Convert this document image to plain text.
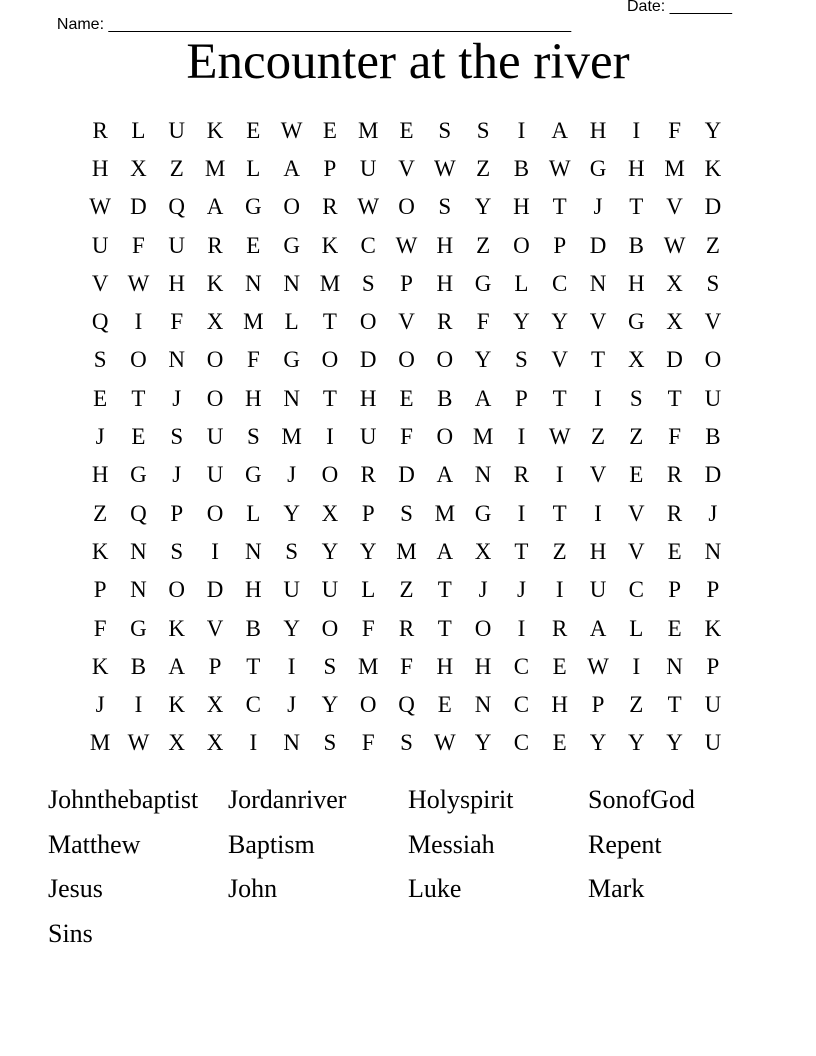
Name: ____________________________________________________

Date: _______

Encounter at the river
R	L U K E W E M E	S	S	I	A H	I	F	Y
H X Z M L A	P	U V W Z	B W G H M K
W D Q A G O R W O	S	Y H T	J	T V D
U	F	U R	E G K C W H Z O	P	D B W Z
V W H K N N M S	P	H G L	C N H X	S
Q	I	F	X M L	T O V R	F	Y Y V G X V
S	O N O	F	G O D O O Y	S	V T X D O
E	T	J	O H N T H E	B A	P	T	I	S	T U
J	E	S	U	S M	I	U	F	O M	I	W Z	Z	F	B
H G	J	U G	J	O R D A N R	I	V E	R D
Z Q	P	O L Y X	P	S M G	I	T	I	V R	J
K N	S	I	N	S	Y Y M A X T	Z H V E N
P	N O D H U U L	Z	T	J	J	I	U C	P	P
F	G K V B Y O	F	R	T O	I	R A L	E K
K B A	P	T	I	S M F	H H C	E W	I	N	P
J	I	K X C	J	Y O Q E N C H	P	Z	T U
M W X X	I	N	S	F	S W Y C	E Y Y Y U
Johnthebaptist	Jordanriver	Holyspirit	SonofGod
Matthew	Baptism	Messiah	Repent
Jesus	John	Luke	Mark
Sins
